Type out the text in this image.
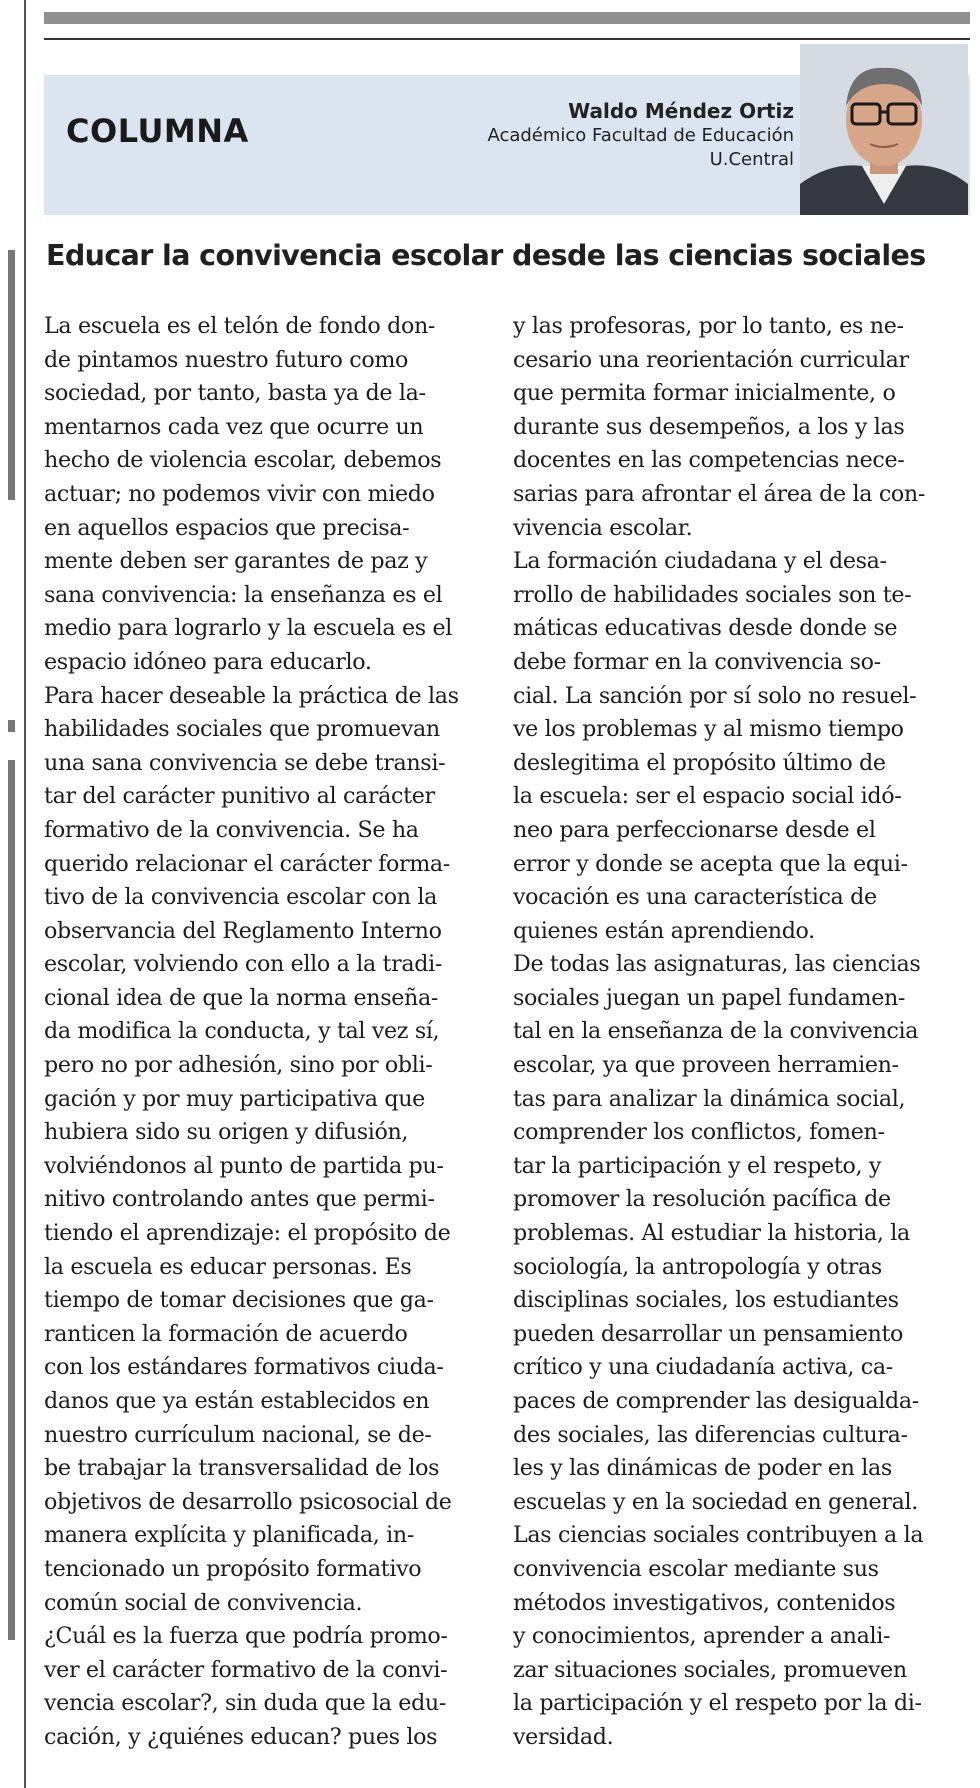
COLUMNA
Waldo Méndez Ortiz
Académico Facultad de Educación
U.Central
Educar la convivencia escolar desde las ciencias sociales
La escuela es el telón de fondo don-
de pintamos nuestro futuro como
sociedad, por tanto, basta ya de la-
mentarnos cada vez que ocurre un
hecho de violencia escolar, debemos
actuar; no podemos vivir con miedo
en aquellos espacios que precisa-
mente deben ser garantes de paz y
sana convivencia: la enseñanza es el
medio para lograrlo y la escuela es el
espacio idóneo para educarlo.
Para hacer deseable la práctica de las
habilidades sociales que promuevan
una sana convivencia se debe transi-
tar del carácter punitivo al carácter
formativo de la convivencia. Se ha
querido relacionar el carácter forma-
tivo de la convivencia escolar con la
observancia del Reglamento Interno
escolar, volviendo con ello a la tradi-
cional idea de que la norma enseña-
da modifica la conducta, y tal vez sí,
pero no por adhesión, sino por obli-
gación y por muy participativa que
hubiera sido su origen y difusión,
volviéndonos al punto de partida pu-
nitivo controlando antes que permi-
tiendo el aprendizaje: el propósito de
la escuela es educar personas. Es
tiempo de tomar decisiones que ga-
ranticen la formación de acuerdo
con los estándares formativos ciuda-
danos que ya están establecidos en
nuestro currículum nacional, se de-
be trabajar la transversalidad de los
objetivos de desarrollo psicosocial de
manera explícita y planificada, in-
tencionado un propósito formativo
común social de convivencia.
¿Cuál es la fuerza que podría promo-
ver el carácter formativo de la convi-
vencia escolar?, sin duda que la edu-
cación, y ¿quiénes educan? pues los
y las profesoras, por lo tanto, es ne-
cesario una reorientación curricular
que permita formar inicialmente, o
durante sus desempeños, a los y las
docentes en las competencias nece-
sarias para afrontar el área de la con-
vivencia escolar.
La formación ciudadana y el desa-
rrollo de habilidades sociales son te-
máticas educativas desde donde se
debe formar en la convivencia so-
cial. La sanción por sí solo no resuel-
ve los problemas y al mismo tiempo
deslegitima el propósito último de
la escuela: ser el espacio social idó-
neo para perfeccionarse desde el
error y donde se acepta que la equi-
vocación es una característica de
quienes están aprendiendo.
De todas las asignaturas, las ciencias
sociales juegan un papel fundamen-
tal en la enseñanza de la convivencia
escolar, ya que proveen herramien-
tas para analizar la dinámica social,
comprender los conflictos, fomen-
tar la participación y el respeto, y
promover la resolución pacífica de
problemas. Al estudiar la historia, la
sociología, la antropología y otras
disciplinas sociales, los estudiantes
pueden desarrollar un pensamiento
crítico y una ciudadanía activa, ca-
paces de comprender las desigualda-
des sociales, las diferencias cultura-
les y las dinámicas de poder en las
escuelas y en la sociedad en general.
Las ciencias sociales contribuyen a la
convivencia escolar mediante sus
métodos investigativos, contenidos
y conocimientos, aprender a anali-
zar situaciones sociales, promueven
la participación y el respeto por la di-
versidad.
